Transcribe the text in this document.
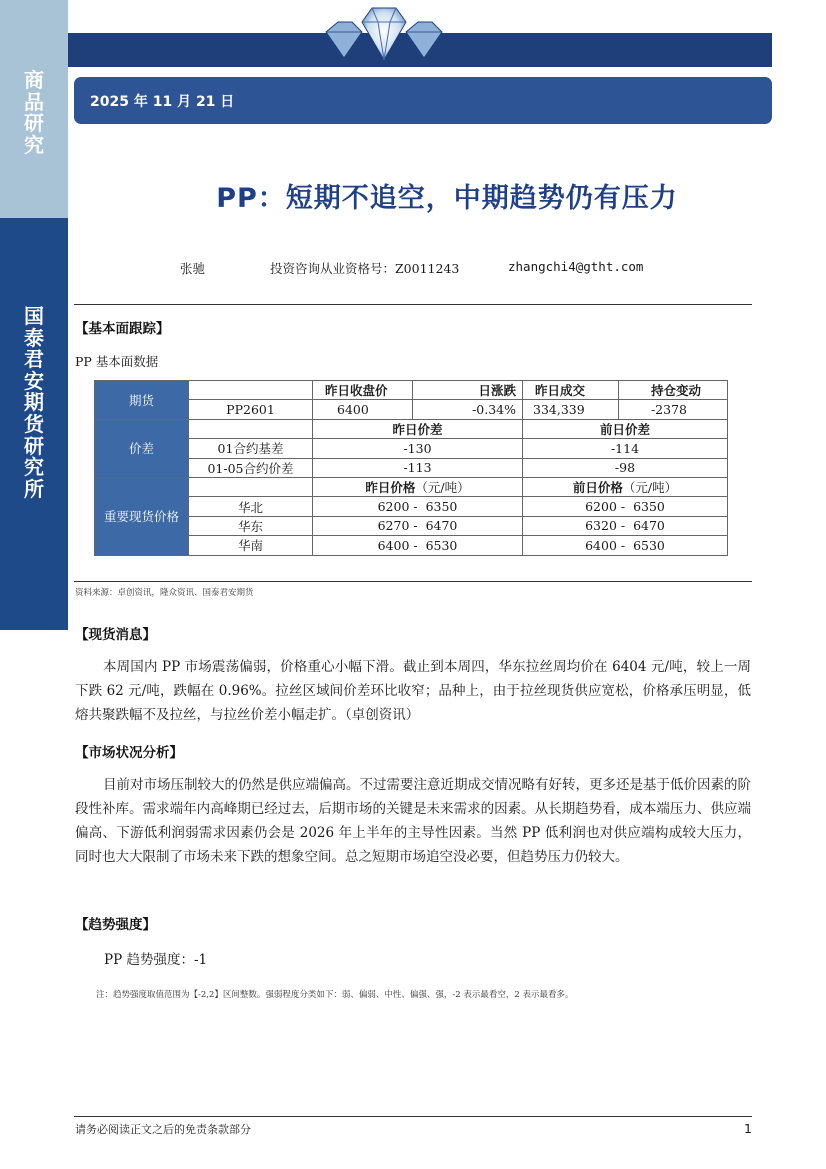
商
品
研
究
国
泰
君
安
期
货
研
究
所
2025 年 11 月 21 日
PP：短期不追空，中期趋势仍有压力
张驰	投资咨询从业资格号：Z0011243	zhangchi4@gtht.com
【基本面跟踪】
PP 基本面数据
期货		昨日收盘价	日涨跌	昨日成交	持仓变动
	PP2601	6400	-0.34%	334,339	-2378
价差		昨日价差		前日价差	
	01合约基差	-130		-114	
	01-05合约价差	-113		-98	
重要现货价格		昨日价格（元/吨）		前日价格（元/吨）	
	华北	6200 -  6350		6200 -  6350	
	华东	6270 -  6470		6320 -  6470	
	华南	6400 -  6530		6400 -  6530	
资料来源：卓创资讯，隆众资讯、国泰君安期货
【现货消息】
本周国内 PP 市场震荡偏弱，价格重心小幅下滑。截止到本周四，华东拉丝周均价在 6404 元/吨，较上一周下跌 62 元/吨，跌幅在 0.96%。拉丝区域间价差环比收窄；品种上，由于拉丝现货供应宽松，价格承压明显，低熔共聚跌幅不及拉丝，与拉丝价差小幅走扩。（卓创资讯）
【市场状况分析】
目前对市场压制较大的仍然是供应端偏高。不过需要注意近期成交情况略有好转，更多还是基于低价因素的阶段性补库。需求端年内高峰期已经过去，后期市场的关键是未来需求的因素。从长期趋势看，成本端压力、供应端偏高、下游低利润弱需求因素仍会是 2026 年上半年的主导性因素。当然 PP 低利润也对供应端构成较大压力，同时也大大限制了市场未来下跌的想象空间。总之短期市场追空没必要，但趋势压力仍较大。
【趋势强度】
PP 趋势强度：-1
注：趋势强度取值范围为【-2,2】区间整数。强弱程度分类如下：弱、偏弱、中性、偏强、强，-2 表示最看空，2 表示最看多。
请务必阅读正文之后的免责条款部分	1
